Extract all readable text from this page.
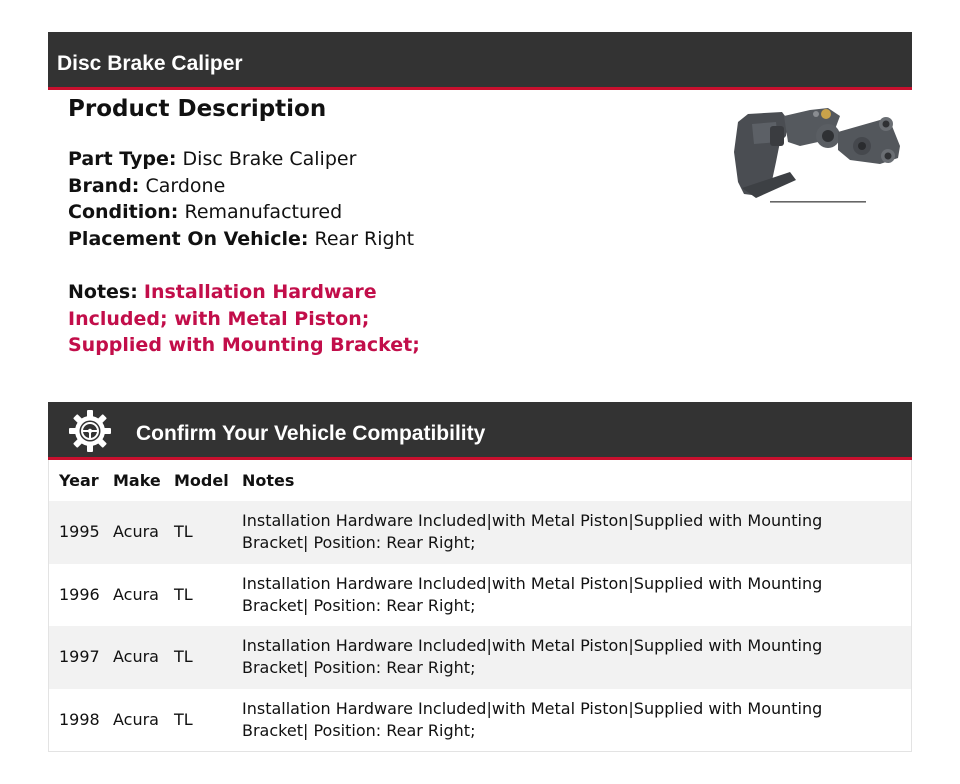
Disc Brake Caliper
Product Description

Part Type: Disc Brake Caliper

Brand: Cardone

Condition: Remanufactured

Placement On Vehicle: Rear Right

Notes: Installation Hardware Included; with Metal Piston; Supplied with Mounting Bracket;
Confirm Your Vehicle Compatibility
Year	Make	Model	Notes
1995	Acura	TL	Installation Hardware Included|with Metal Piston|Supplied with Mounting Bracket| Position: Rear Right;
1996	Acura	TL	Installation Hardware Included|with Metal Piston|Supplied with Mounting Bracket| Position: Rear Right;
1997	Acura	TL	Installation Hardware Included|with Metal Piston|Supplied with Mounting Bracket| Position: Rear Right;
1998	Acura	TL	Installation Hardware Included|with Metal Piston|Supplied with Mounting Bracket| Position: Rear Right;
